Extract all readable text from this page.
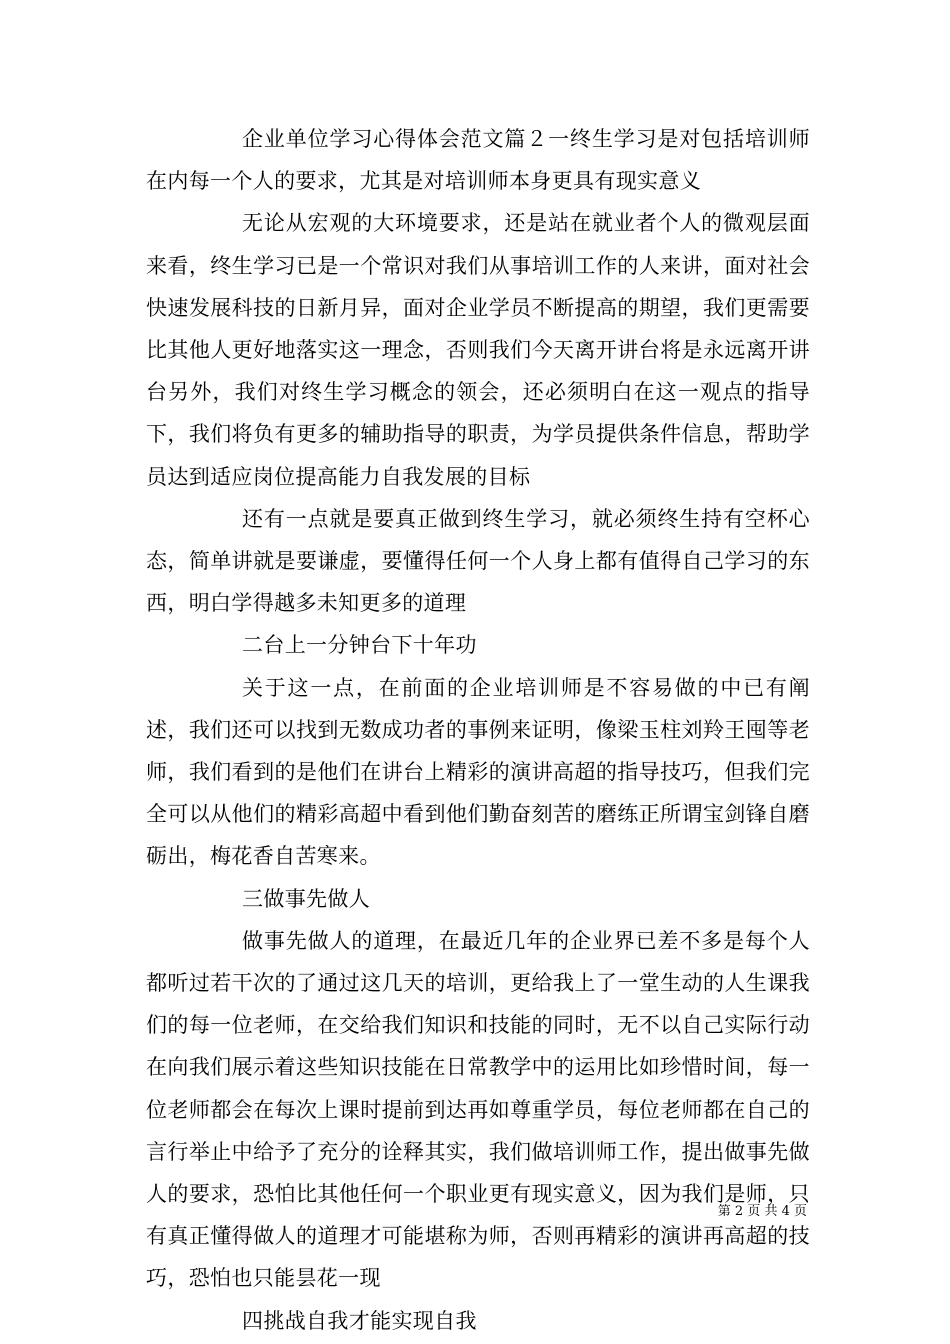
企业单位学习心得体会范文篇２一终生学习是对包括培训师在内每一个人的要求，尤其是对培训师本身更具有现实意义

无论从宏观的大环境要求，还是站在就业者个人的微观层面来看，终生学习已是一个常识对我们从事培训工作的人来讲，面对社会快速发展科技的日新月异，面对企业学员不断提高的期望，我们更需要比其他人更好地落实这一理念，否则我们今天离开讲台将是永远离开讲台另外，我们对终生学习概念的领会，还必须明白在这一观点的指导下，我们将负有更多的辅助指导的职责，为学员提供条件信息，帮助学员达到适应岗位提高能力自我发展的目标

还有一点就是要真正做到终生学习，就必须终生持有空杯心态，简单讲就是要谦虚，要懂得任何一个人身上都有值得自己学习的东西，明白学得越多未知更多的道理

二台上一分钟台下十年功

关于这一点，在前面的企业培训师是不容易做的中已有阐述，我们还可以找到无数成功者的事例来证明，像梁玉柱刘羚王囤等老师，我们看到的是他们在讲台上精彩的演讲高超的指导技巧，但我们完全可以从他们的精彩高超中看到他们勤奋刻苦的磨练正所谓宝剑锋自磨砺出，梅花香自苦寒来。

三做事先做人

做事先做人的道理，在最近几年的企业界已差不多是每个人都听过若干次的了通过这几天的培训，更给我上了一堂生动的人生课我们的每一位老师，在交给我们知识和技能的同时，无不以自己实际行动在向我们展示着这些知识技能在日常教学中的运用比如珍惜时间，每一位老师都会在每次上课时提前到达再如尊重学员，每位老师都在自己的言行举止中给予了充分的诠释其实，我们做培训师工作，提出做事先做人的要求，恐怕比其他任何一个职业更有现实意义，因为我们是师，只有真正懂得做人的道理才可能堪称为师，否则再精彩的演讲再高超的技巧，恐怕也只能昙花一现

四挑战自我才能实现自我

第 2 页 共 4 页
